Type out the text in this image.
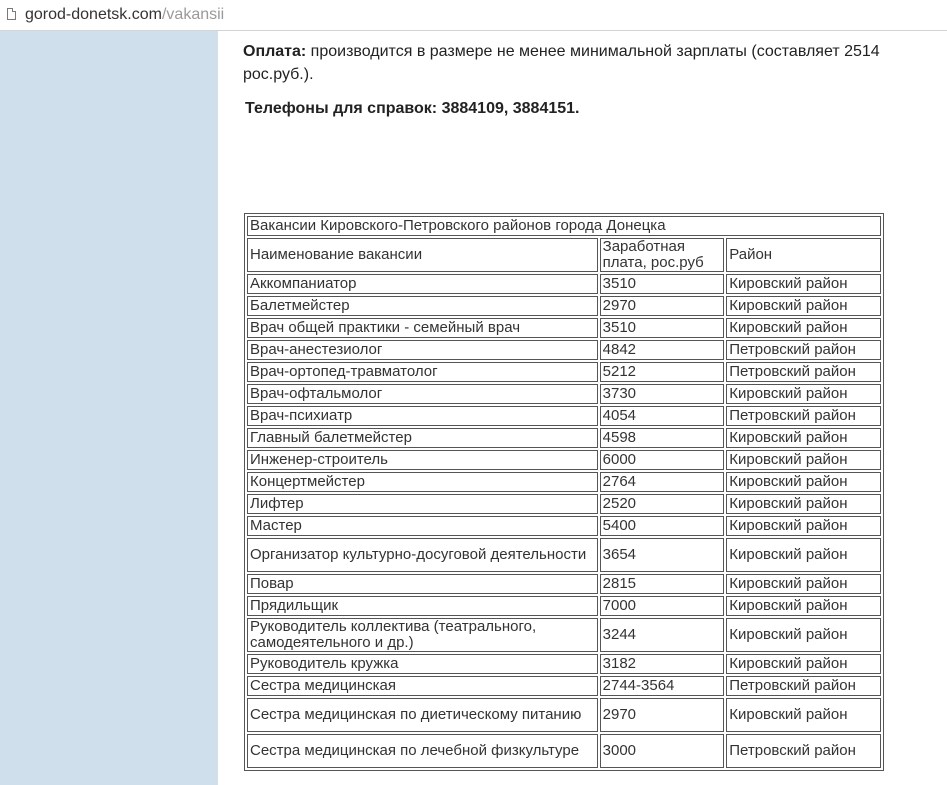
gorod-donetsk.com/vakansii

Оплата: производится в размере не менее минимальной зарплаты (составляет 2514 рос.руб.).

Телефоны для справок: 3884109, 3884151.

Вакансии Кировского-Петровского районов города Донецка		
Наименование вакансии	Заработная плата, рос.руб	Район
Аккомпаниатор	3510	Кировский район
Балетмейстер	2970	Кировский район
Врач общей практики - семейный врач	3510	Кировский район
Врач-анестезиолог	4842	Петровский район
Врач-ортопед-травматолог	5212	Петровский район
Врач-офтальмолог	3730	Кировский район
Врач-психиатр	4054	Петровский район
Главный балетмейстер	4598	Кировский район
Инженер-строитель	6000	Кировский район
Концертмейстер	2764	Кировский район
Лифтер	2520	Кировский район
Мастер	5400	Кировский район
Организатор культурно-досуговой деятельности	3654	Кировский район
Повар	2815	Кировский район
Прядильщик	7000	Кировский район
Руководитель коллектива (театрального, самодеятельного и др.)	3244	Кировский район
Руководитель кружка	3182	Кировский район
Сестра медицинская	2744-3564	Петровский район
Сестра медицинская по диетическому питанию	2970	Кировский район
Сестра медицинская по лечебной физкультуре	3000	Петровский район
